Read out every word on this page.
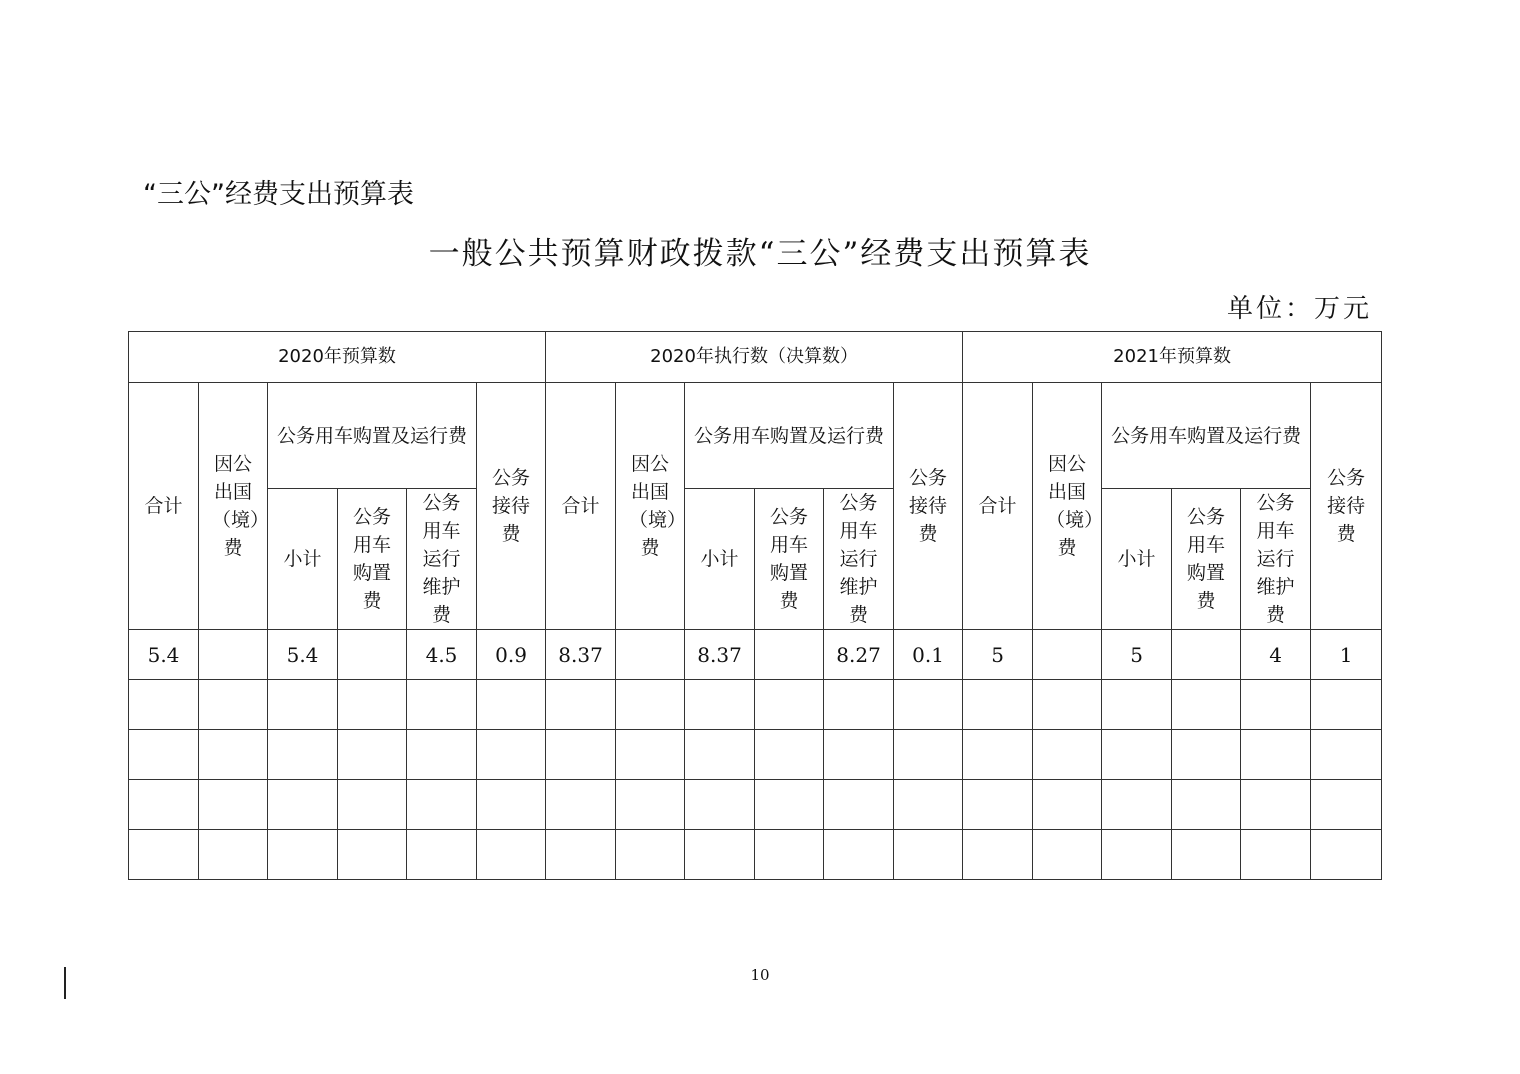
“三公”经费支出预算表
一般公共预算财政拨款“三公”经费支出预算表
单位：万元
2020年预算数						2020年执行数（决算数）						2021年预算数					
合计	因公出国（境）费	公务用车购置及运行费			公务接待费	合计	因公出国（境）费	公务用车购置及运行费			公务接待费	合计	因公出国（境）费	公务用车购置及运行费			公务接待费
		小计	公务用车购置费	公务用车运行维护费				小计	公务用车购置费	公务用车运行维护费				小计	公务用车购置费	公务用车运行维护费	
5.4		5.4		4.5	0.9	8.37		8.37		8.27	0.1	5		5		4	1

10
